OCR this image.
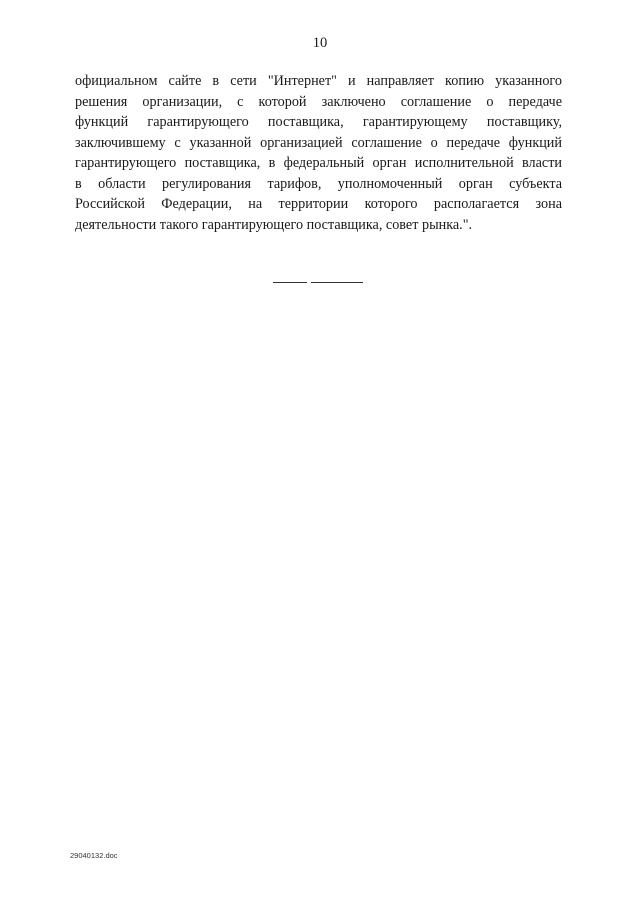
10
официальном сайте в сети "Интернет" и направляет копию указанного
решения организации, с которой заключено соглашение о передаче
функций гарантирующего поставщика, гарантирующему поставщику,
заключившему с указанной организацией соглашение о передаче функций
гарантирующего поставщика, в федеральный орган исполнительной власти
в области регулирования тарифов, уполномоченный орган субъекта
Российской Федерации, на территории которого располагается зона
деятельности такого гарантирующего поставщика, совет рынка.".
29040132.doc
